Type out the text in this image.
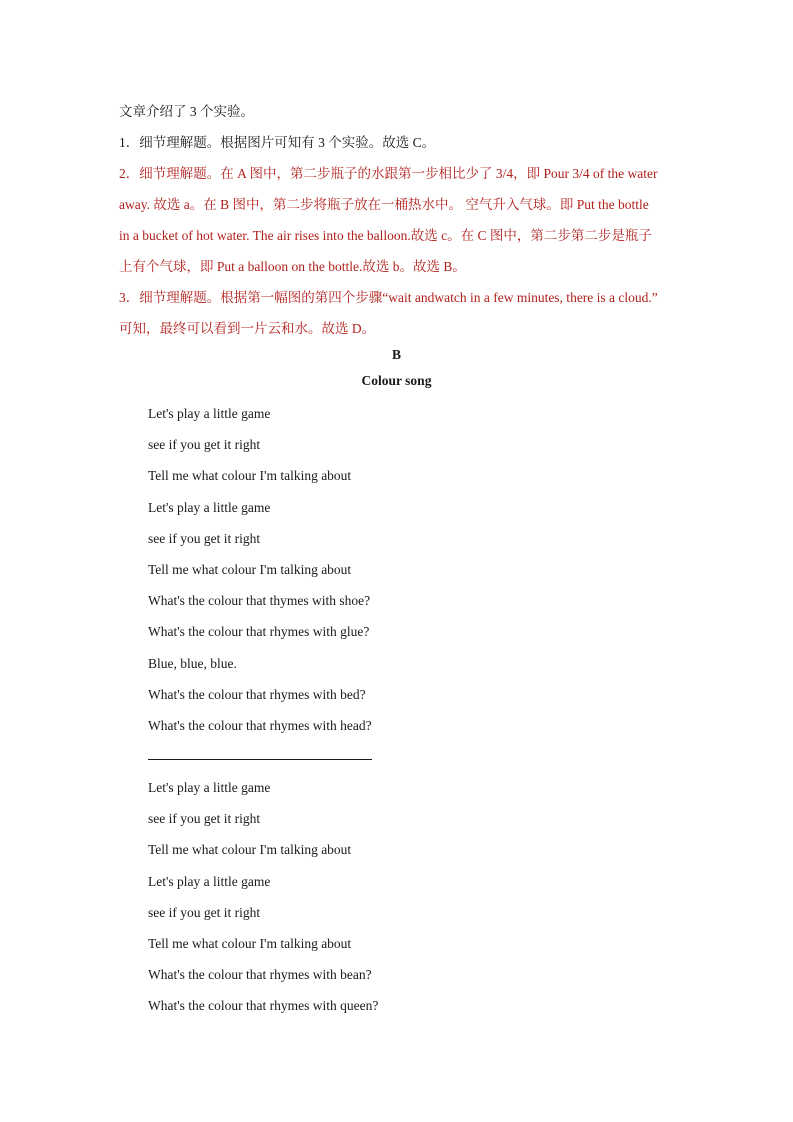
文章介绍了 3 个实验。

1．细节理解题。根据图片可知有 3 个实验。故选 C。

2．细节理解题。在 A 图中，第二步瓶子的水跟第一步相比少了 3/4，即 Pour 3/4 of the water

away. 故选 a。在 B 图中，第二步将瓶子放在一桶热水中。 空气升入气球。即 Put the bottle

in a bucket of hot water. The air rises into the balloon.故选 c。在 C 图中，第二步第二步是瓶子

上有个气球，即 Put a balloon on the bottle.故选 b。故选 B。

3．细节理解题。根据第一幅图的第四个步骤“wait andwatch in a few minutes, there is a cloud.”

可知，最终可以看到一片云和水。故选 D。

B
Colour song

Let's play a little game

see if you get it right

Tell me what colour I'm talking about

Let's play a little game

see if you get it right

Tell me what colour I'm talking about

What's the colour that thymes with shoe?

What's the colour that rhymes with glue?

Blue, blue, blue.

What's the colour that rhymes with bed?

What's the colour that rhymes with head?

Let's play a little game

see if you get it right

Tell me what colour I'm talking about

Let's play a little game

see if you get it right

Tell me what colour I'm talking about

What's the colour that rhymes with bean?

What's the colour that rhymes with queen?
